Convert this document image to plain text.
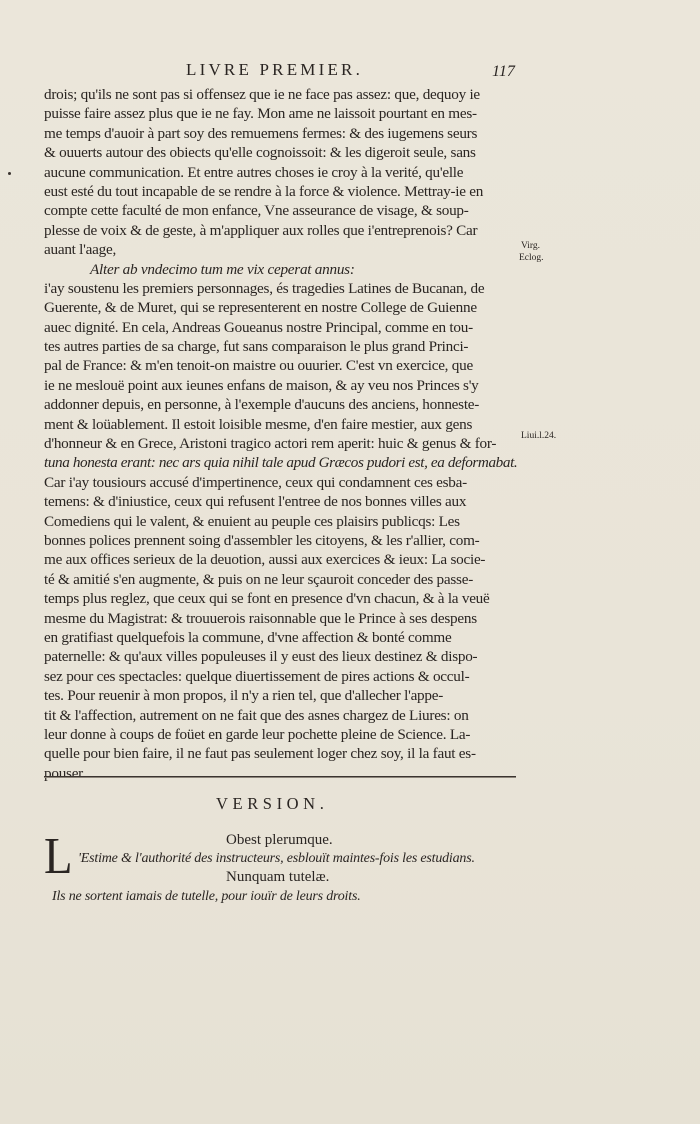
LIVRE PREMIER.	117
drois; qu'ils ne sont pas si offensez que ie ne face pas assez: que, dequoy ie
puisse faire assez plus que ie ne fay. Mon ame ne laissoit pourtant en mes-
me temps d'auoir à part soy des remuemens fermes: & des iugemens seurs
& ouuerts autour des obiects qu'elle cognoissoit: & les digeroit seule, sans
aucune communication. Et entre autres choses ie croy à la verité, qu'elle
eust esté du tout incapable de se rendre à la force & violence. Mettray-ie en
compte cette faculté de mon enfance, Vne asseurance de visage, & soup-
plesse de voix & de geste, à m'appliquer aux rolles que i'entreprenois? Car
auant l'aage,
Alter ab vndecimo tum me vix ceperat annus:
i'ay soustenu les premiers personnages, és tragedies Latines de Bucanan, de
Guerente, & de Muret, qui se representerent en nostre College de Guienne
auec dignité. En cela, Andreas Goueanus nostre Principal, comme en tou-
tes autres parties de sa charge, fut sans comparaison le plus grand Princi-
pal de France: & m'en tenoit-on maistre ou ouurier. C'est vn exercice, que
ie ne meslouë point aux ieunes enfans de maison, & ay veu nos Princes s'y
addonner depuis, en personne, à l'exemple d'aucuns des anciens, honneste-
ment & loüablement. Il estoit loisible mesme, d'en faire mestier, aux gens
d'honneur & en Grece, Aristoni tragico actori rem aperit: huic & genus & for-
tuna honesta erant: nec ars quia nihil tale apud Græcos pudori est, ea deformabat.
Car i'ay tousiours accusé d'impertinence, ceux qui condamnent ces esba-
temens: & d'iniustice, ceux qui refusent l'entree de nos bonnes villes aux
Comediens qui le valent, & enuient au peuple ces plaisirs publicqs: Les
bonnes polices prennent soing d'assembler les citoyens, & les r'allier, com-
me aux offices serieux de la deuotion, aussi aux exercices & ieux: La socie-
té & amitié s'en augmente, & puis on ne leur sçauroit conceder des passe-
temps plus reglez, que ceux qui se font en presence d'vn chacun, & à la veuë
mesme du Magistrat: & trouuerois raisonnable que le Prince à ses despens
en gratifiast quelquefois la commune, d'vne affection & bonté comme
paternelle: & qu'aux villes populeuses il y eust des lieux destinez & dispo-
sez pour ces spectacles: quelque diuertissement de pires actions & occul-
tes. Pour reuenir à mon propos, il n'y a rien tel, que d'allecher l'appe-
tit & l'affection, autrement on ne fait que des asnes chargez de Liures: on
leur donne à coups de foüet en garde leur pochette pleine de Science. La-
quelle pour bien faire, il ne faut pas seulement loger chez soy, il la faut es-
pouser.
Virg.
Eclog.
Liui.l.24.
VERSION.
L	Obest plerumque.
'Estime & l'authorité des instructeurs, esblouït maintes-fois les estudians.
Nunquam tutelæ.
Ils ne sortent iamais de tutelle, pour iouïr de leurs droits.
